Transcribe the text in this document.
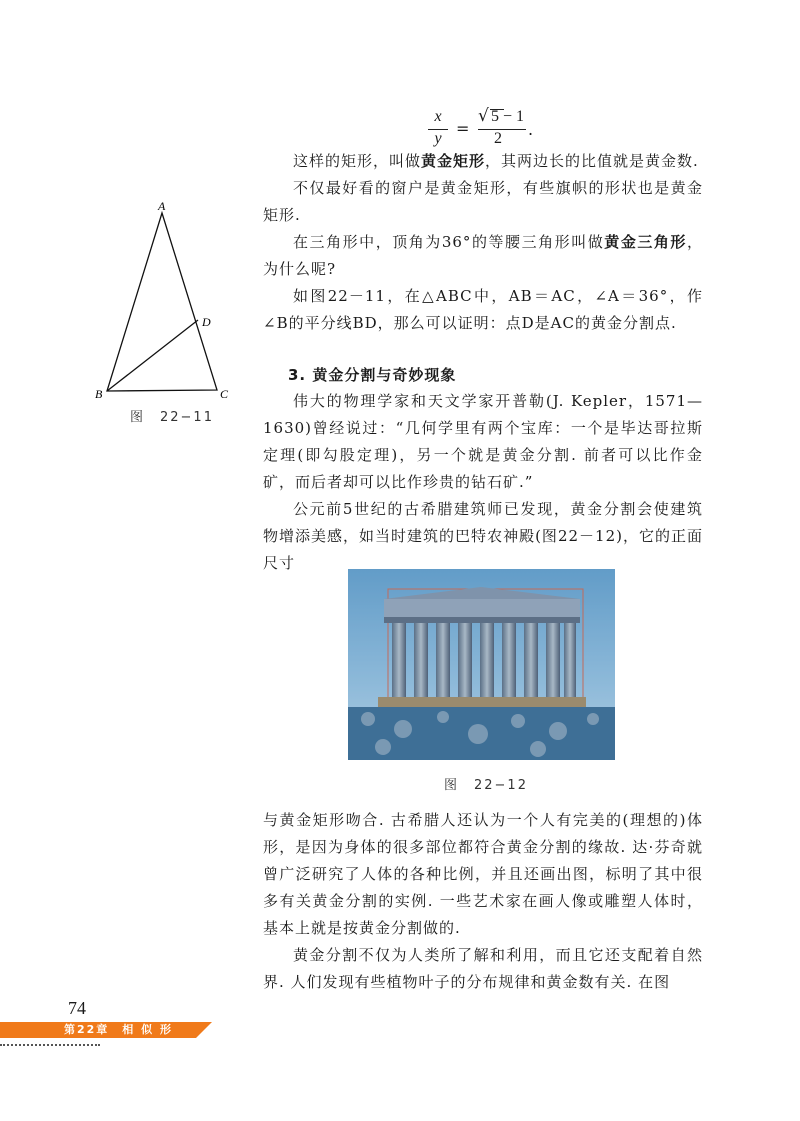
x
y
=
√ 5 − 1
2 .
这样的矩形，叫做黄金矩形，其两边长的比值就是黄金数.
不仅最好看的窗户是黄金矩形，有些旗帜的形状也是黄金矩形.
在三角形中，顶角为36°的等腰三角形叫做黄金三角形，为什么呢?
如图22－11，在△ABC中，AB＝AC，∠A＝36°，作∠B的平分线BD，那么可以证明：点D是AC的黄金分割点.
A
B	C
D
图　22−11
3. 黄金分割与奇妙现象
伟大的物理学家和天文学家开普勒(J. Kepler，1571—1630)曾经说过：“几何学里有两个宝库：一个是毕达哥拉斯定理(即勾股定理)，另一个就是黄金分割. 前者可以比作金矿，而后者却可以比作珍贵的钻石矿.”
公元前5世纪的古希腊建筑师已发现，黄金分割会使建筑物增添美感，如当时建筑的巴特农神殿(图22－12)，它的正面尺寸
图　22−12
与黄金矩形吻合. 古希腊人还认为一个人有完美的(理想的)体形，是因为身体的很多部位都符合黄金分割的缘故. 达·芬奇就曾广泛研究了人体的各种比例，并且还画出图，标明了其中很多有关黄金分割的实例. 一些艺术家在画人像或雕塑人体时，基本上就是按黄金分割做的.
黄金分割不仅为人类所了解和利用，而且它还支配着自然界. 人们发现有些植物叶子的分布规律和黄金数有关. 在图
74
第22章　相 似 形
